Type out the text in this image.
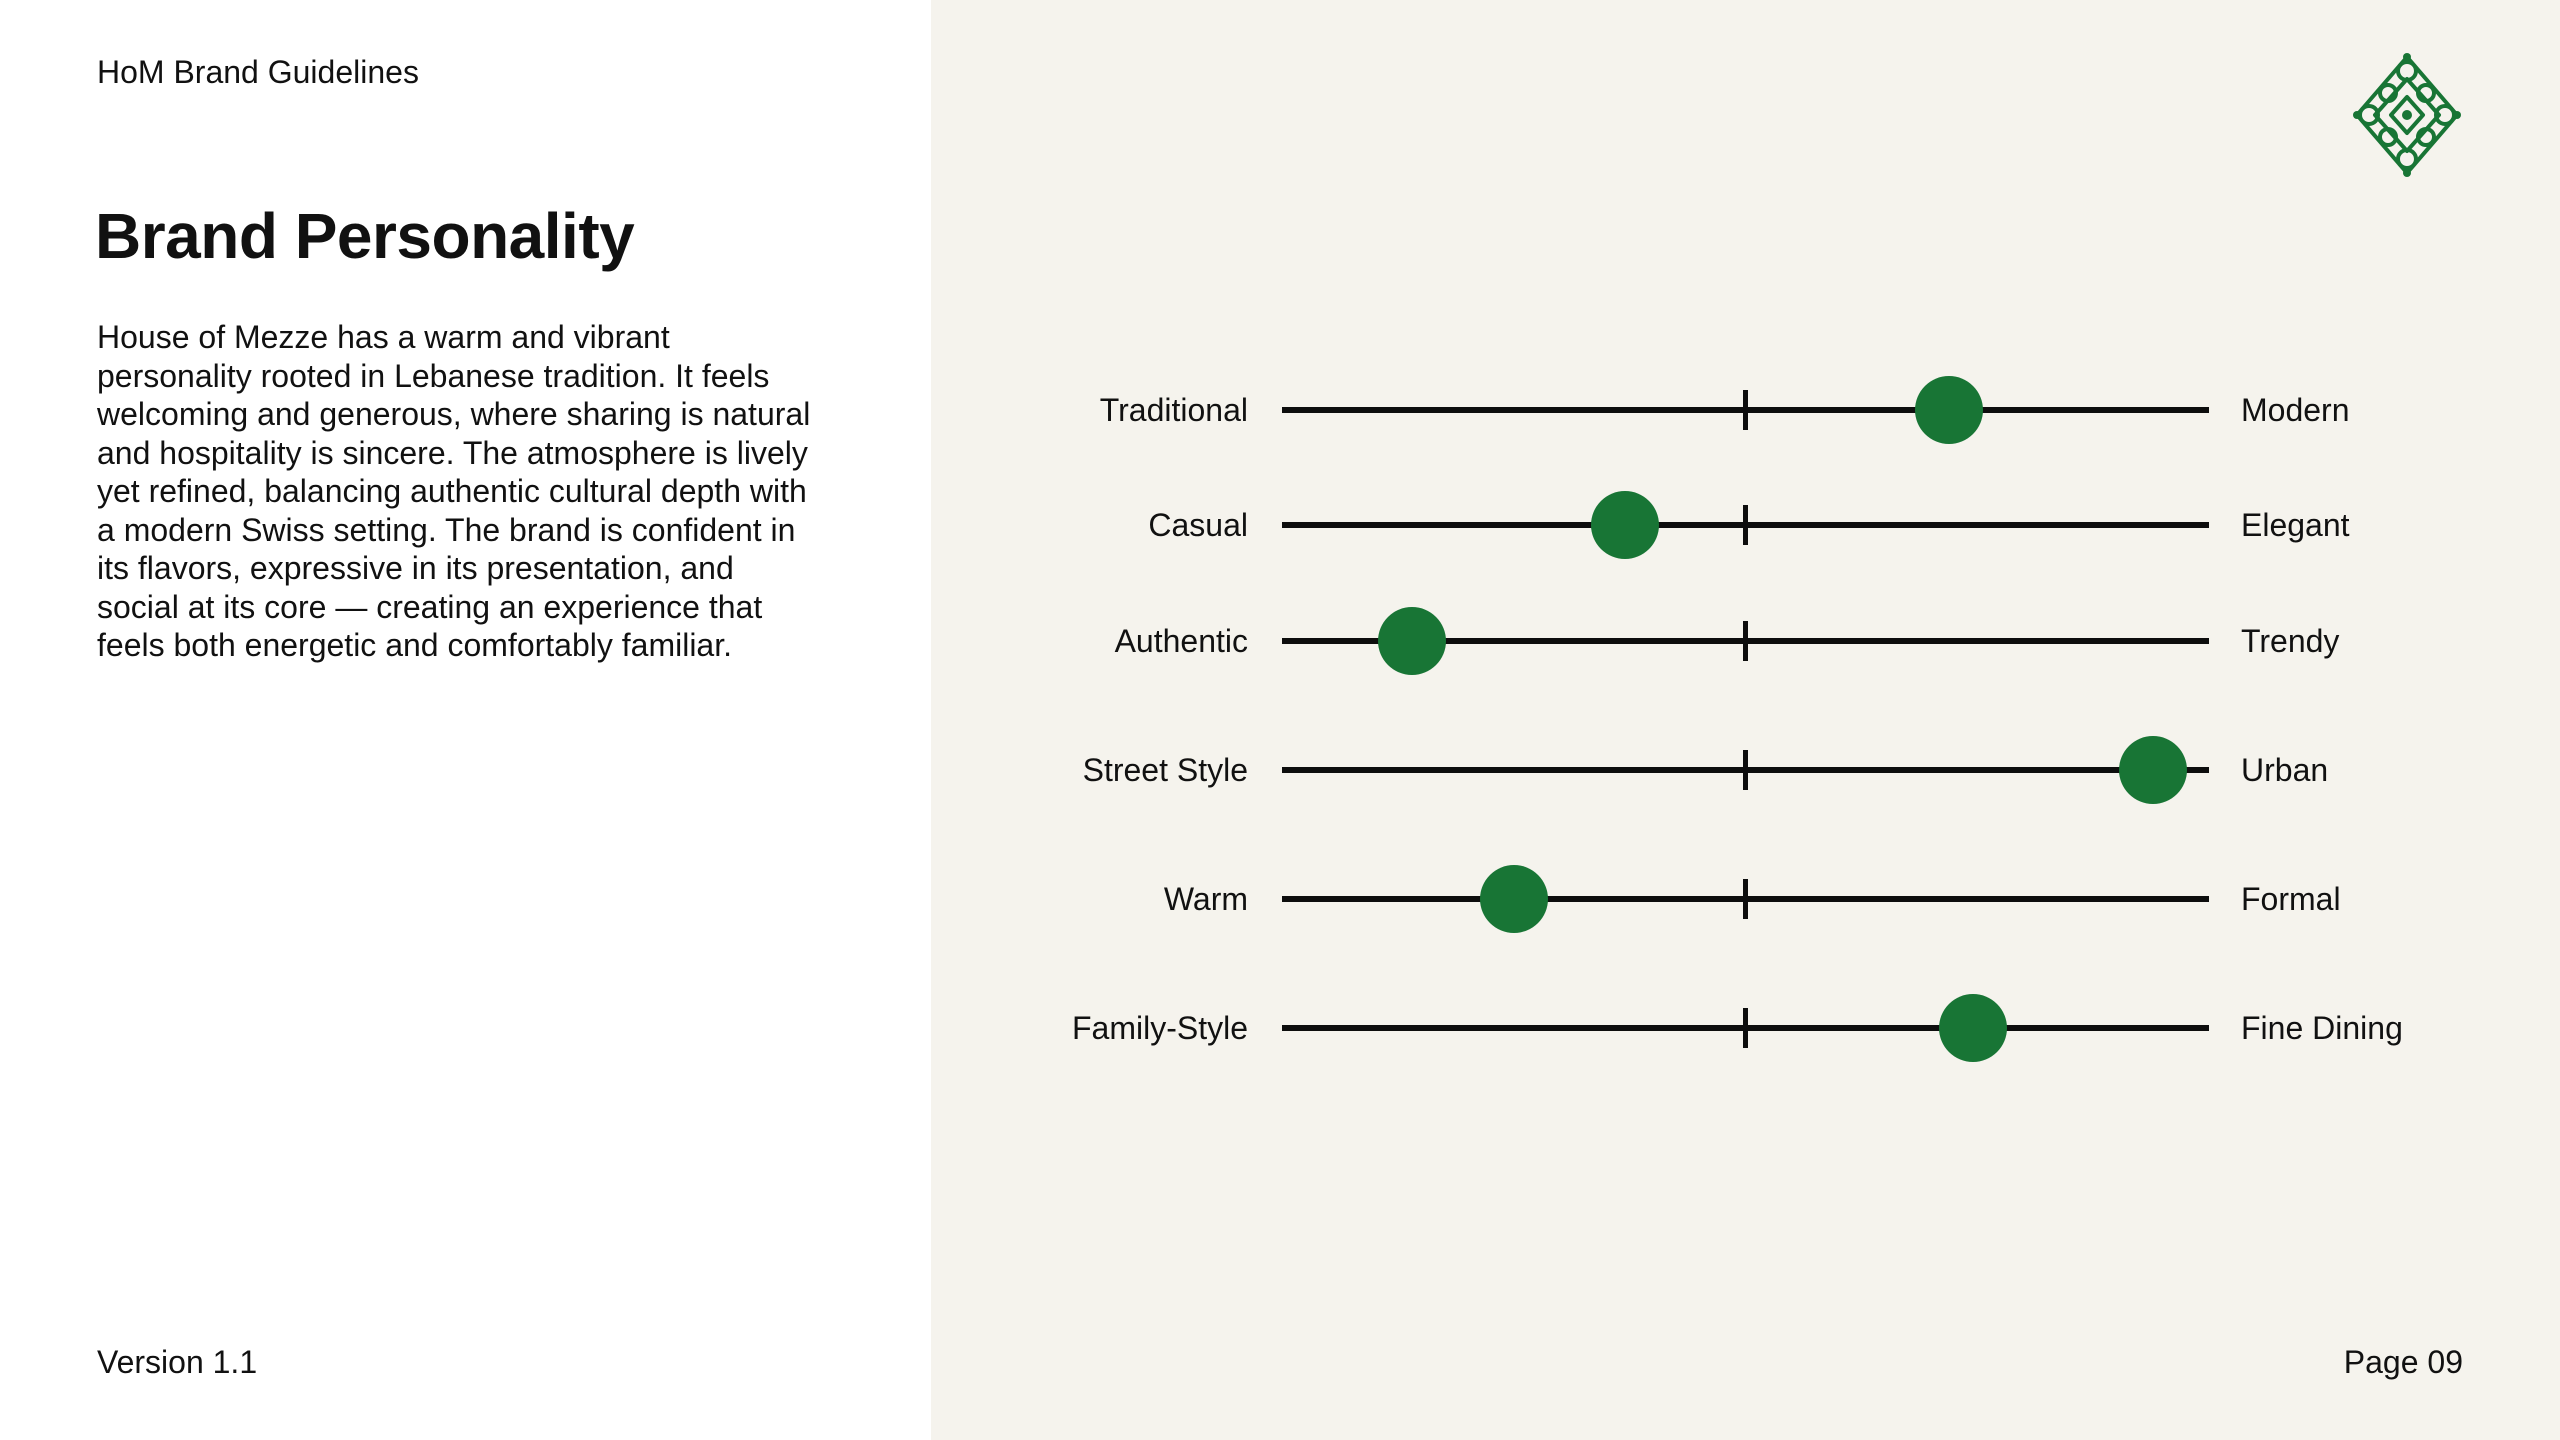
HoM Brand Guidelines
Brand Personality

House of Mezze has a warm and vibrant personality rooted in Lebanese tradition. It feels welcoming and generous, where sharing is natural and hospitality is sincere. The atmosphere is lively yet refined, balancing authentic cultural depth with a modern Swiss setting. The brand is confident in its flavors, expressive in its presentation, and social at its core — creating an experience that feels both energetic and comfortably familiar.

Version 1.1	Page 09
Traditional	Modern
Casual	Elegant
Authentic	Trendy
Street Style	Urban
Warm	Formal
Family-Style	Fine Dining
